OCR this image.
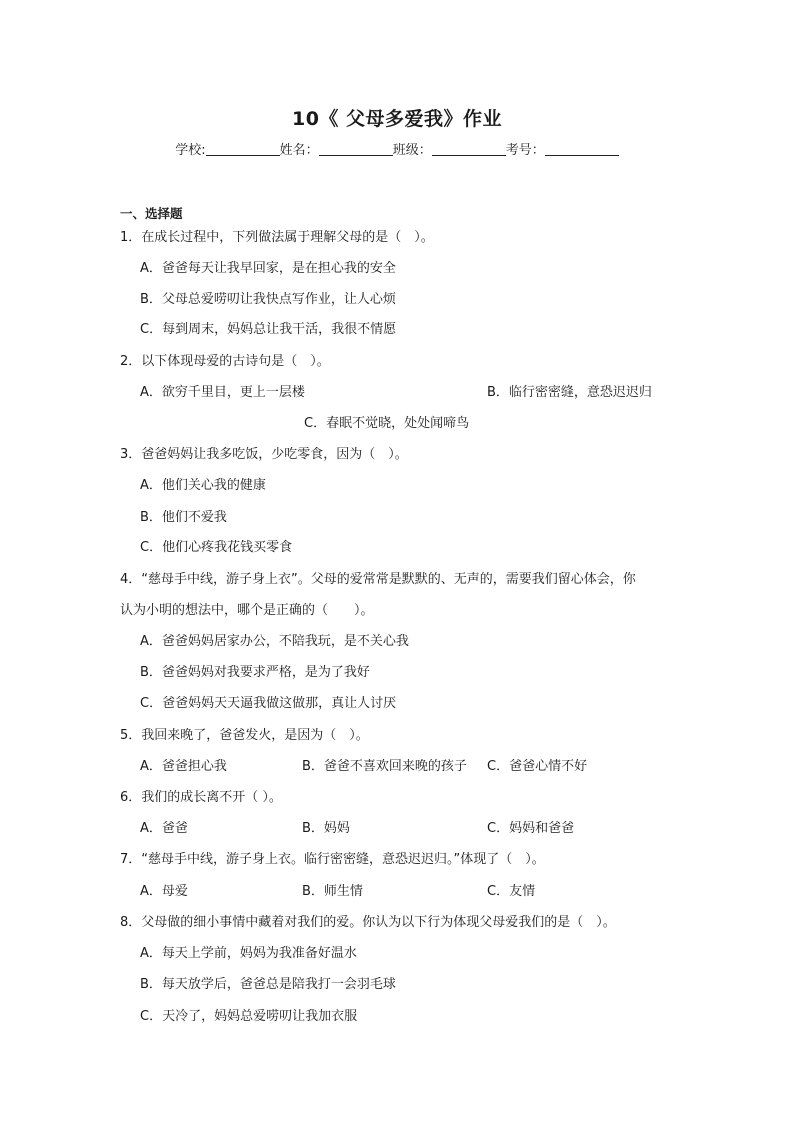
10《 父母多爱我》作业
学校:	姓名：	班级：	考号：
一、选择题
1．在成长过程中，下列做法属于理解父母的是（　）。
A．爸爸每天让我早回家，是在担心我的安全
B．父母总爱唠叨让我快点写作业，让人心烦
C．每到周末，妈妈总让我干活，我很不情愿
2．以下体现母爱的古诗句是（　）。
A．欲穷千里目，更上一层楼	B．临行密密缝，意恐迟迟归
C．春眠不觉晓，处处闻啼鸟
3．爸爸妈妈让我多吃饭，少吃零食，因为（　）。
A．他们关心我的健康
B．他们不爱我
C．他们心疼我花钱买零食
4．“慈母手中线，游子身上衣”。父母的爱常常是默默的、无声的，需要我们留心体会，你
认为小明的想法中，哪个是正确的（　　）。
A．爸爸妈妈居家办公，不陪我玩，是不关心我
B．爸爸妈妈对我要求严格，是为了我好
C．爸爸妈妈天天逼我做这做那，真让人讨厌
5．我回来晚了，爸爸发火，是因为（　）。
A．爸爸担心我	B．爸爸不喜欢回来晚的孩子 C．爸爸心情不好
6．我们的成长离不开（ ）。
A．爸爸	B．妈妈	C．妈妈和爸爸
7．“慈母手中线，游子身上衣。临行密密缝，意恐迟迟归。”体现了（　）。
A．母爱	B．师生情	C．友情
8．父母做的细小事情中藏着对我们的爱。你认为以下行为体现父母爱我们的是（　）。
A．每天上学前，妈妈为我准备好温水
B．每天放学后，爸爸总是陪我打一会羽毛球
C．天冷了，妈妈总爱唠叨让我加衣服
